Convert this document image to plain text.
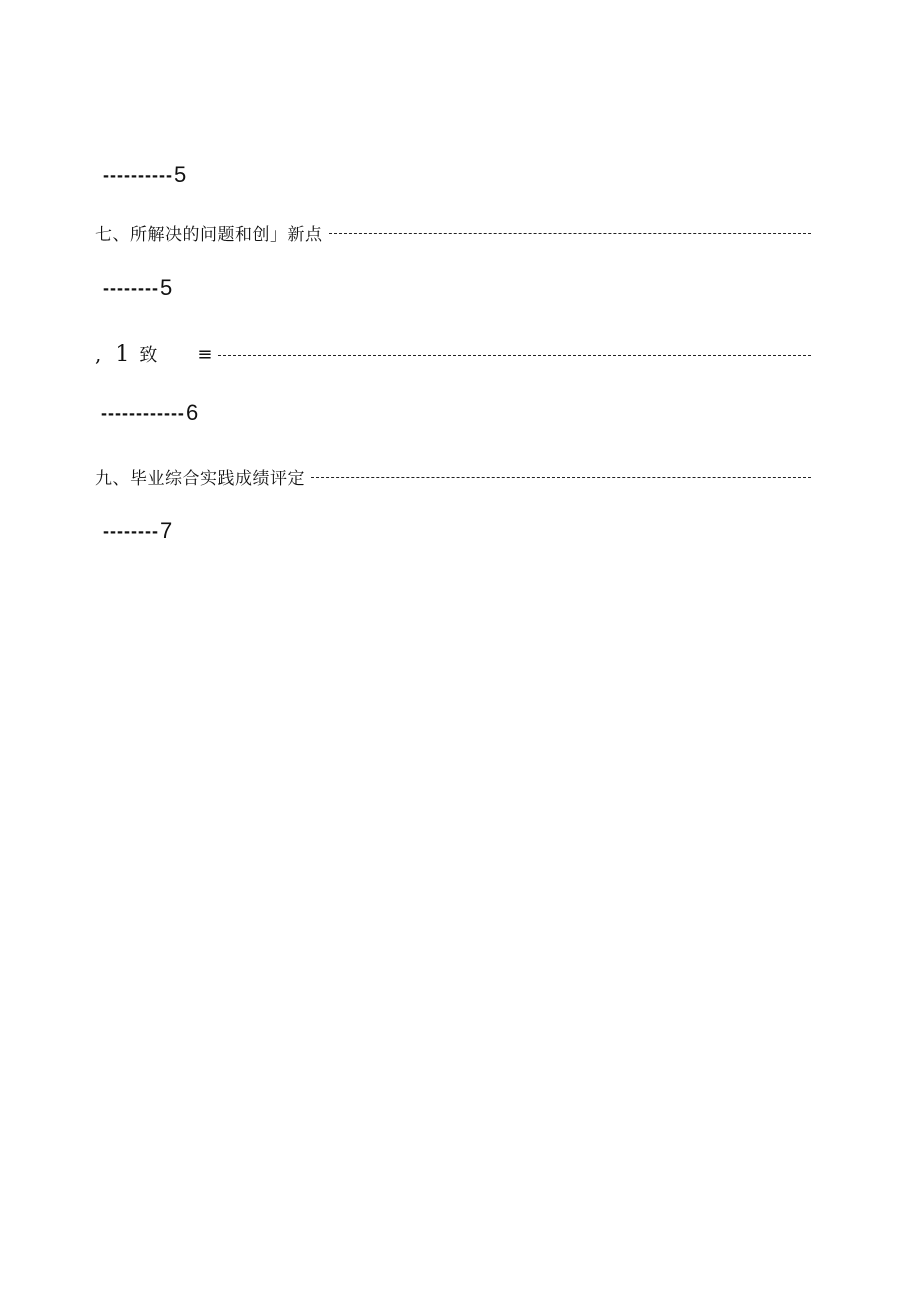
---------- 5
七、所解决的问题和创」新点
-------- 5
, 1 致 ≡
------------ 6
九、毕业综合实践成绩评定
-------- 7
